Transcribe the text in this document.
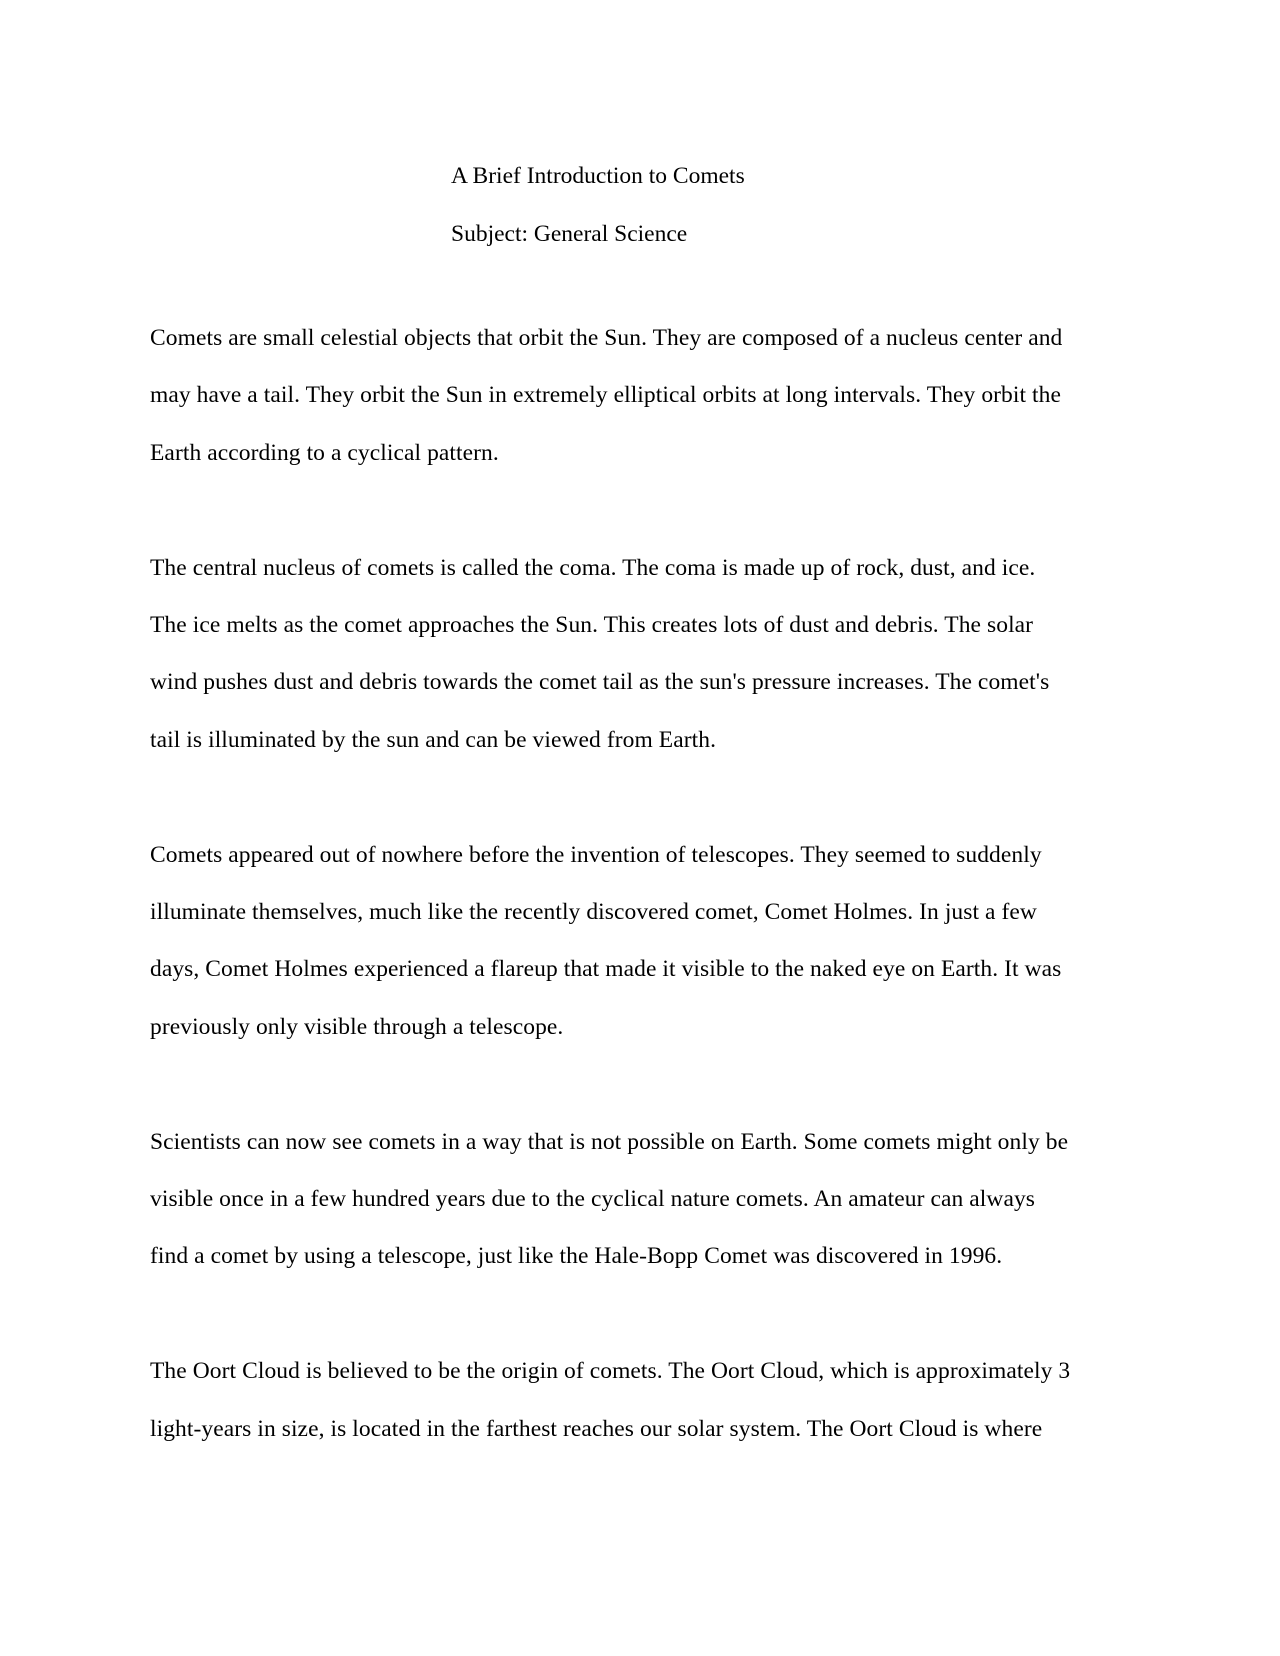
A Brief Introduction to Comets

Subject: General Science

Comets are small celestial objects that orbit the Sun. They are composed of a nucleus center and
may have a tail. They orbit the Sun in extremely elliptical orbits at long intervals. They orbit the
Earth according to a cyclical pattern.

The central nucleus of comets is called the coma. The coma is made up of rock, dust, and ice.
The ice melts as the comet approaches the Sun. This creates lots of dust and debris. The solar
wind pushes dust and debris towards the comet tail as the sun's pressure increases. The comet's
tail is illuminated by the sun and can be viewed from Earth.

Comets appeared out of nowhere before the invention of telescopes. They seemed to suddenly
illuminate themselves, much like the recently discovered comet, Comet Holmes. In just a few
days, Comet Holmes experienced a flareup that made it visible to the naked eye on Earth. It was
previously only visible through a telescope.

Scientists can now see comets in a way that is not possible on Earth. Some comets might only be
visible once in a few hundred years due to the cyclical nature comets. An amateur can always
find a comet by using a telescope, just like the Hale-Bopp Comet was discovered in 1996.

The Oort Cloud is believed to be the origin of comets. The Oort Cloud, which is approximately 3
light-years in size, is located in the farthest reaches our solar system. The Oort Cloud is where
